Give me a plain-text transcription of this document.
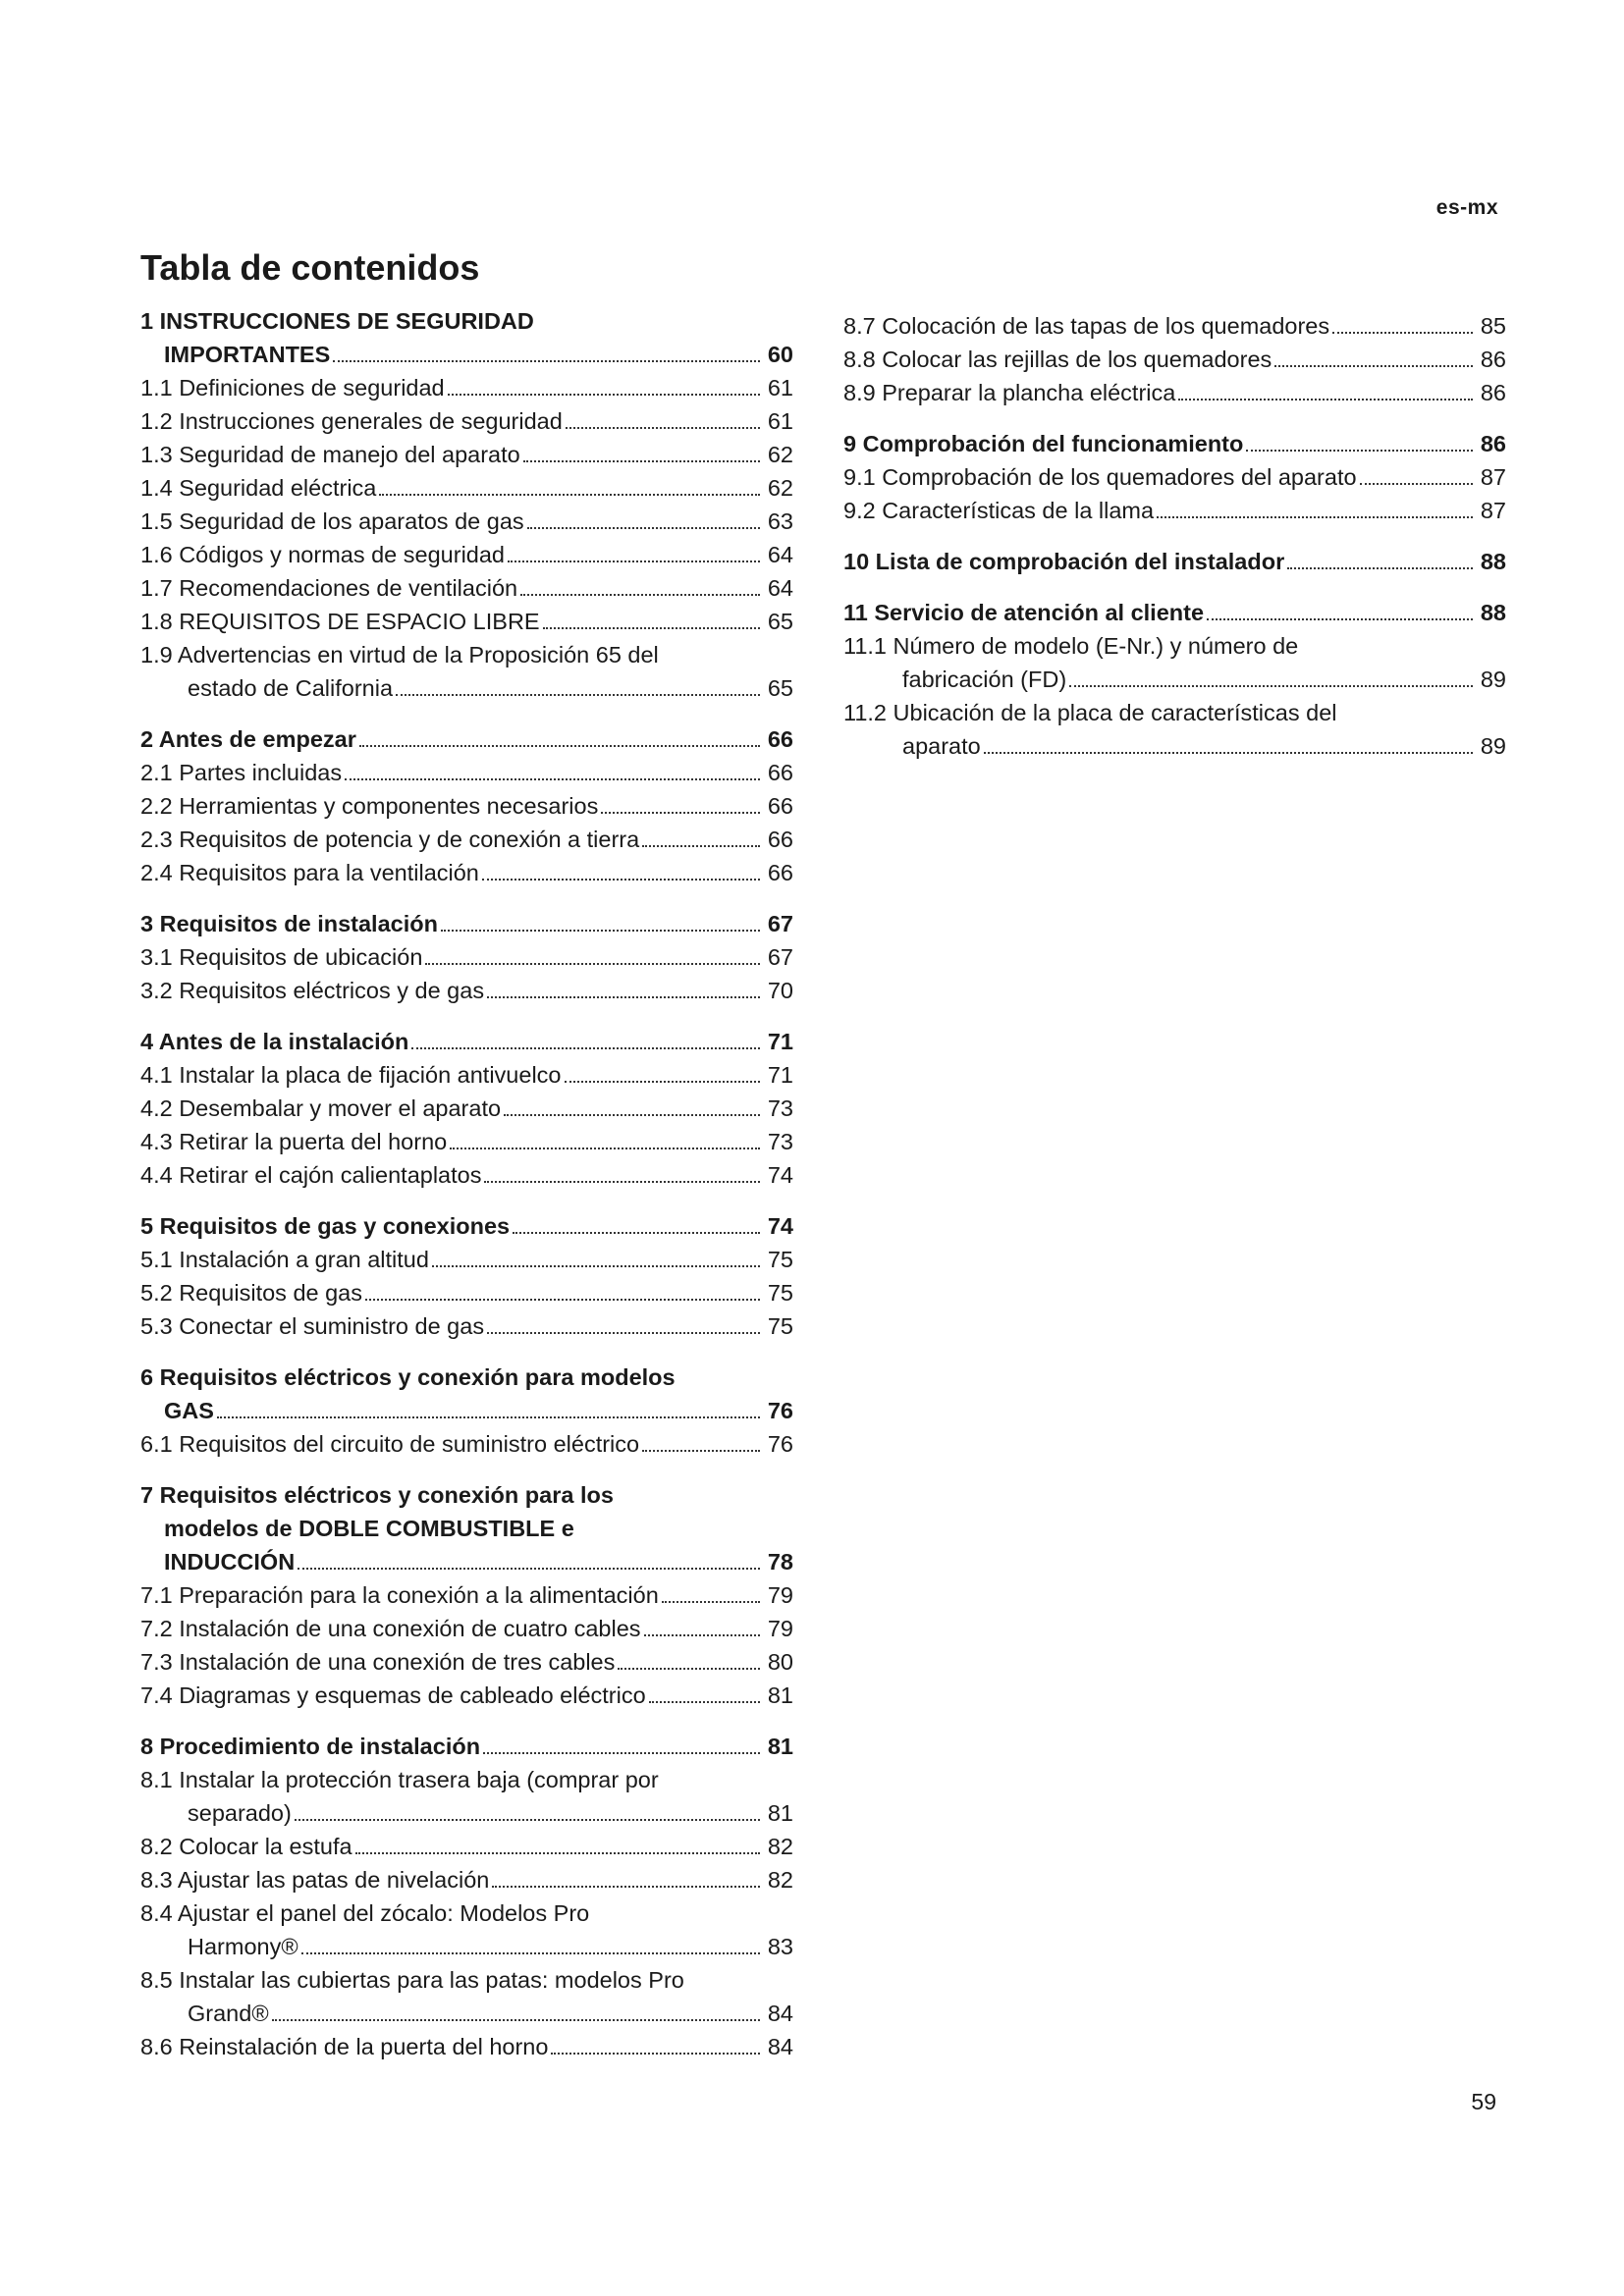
es-mx
Tabla de contenidos
1 INSTRUCCIONES DE SEGURIDAD
IMPORTANTES	60
1.1 Definiciones de seguridad	61
1.2 Instrucciones generales de seguridad	61
1.3 Seguridad de manejo del aparato	62
1.4 Seguridad eléctrica	62
1.5 Seguridad de los aparatos de gas	63
1.6 Códigos y normas de seguridad	64
1.7 Recomendaciones de ventilación	64
1.8 REQUISITOS DE ESPACIO LIBRE	65
1.9 Advertencias en virtud de la Proposición 65 del
estado de California	65
2 Antes de empezar	66
2.1 Partes incluidas	66
2.2 Herramientas y componentes necesarios	66
2.3 Requisitos de potencia y de conexión a tierra	66
2.4 Requisitos para la ventilación	66
3 Requisitos de instalación	67
3.1 Requisitos de ubicación	67
3.2 Requisitos eléctricos y de gas	70
4 Antes de la instalación	71
4.1 Instalar la placa de fijación antivuelco	71
4.2 Desembalar y mover el aparato	73
4.3 Retirar la puerta del horno	73
4.4 Retirar el cajón calientaplatos	74
5 Requisitos de gas y conexiones	74
5.1 Instalación a gran altitud	75
5.2 Requisitos de gas	75
5.3 Conectar el suministro de gas	75
6 Requisitos eléctricos y conexión para modelos
GAS	76
6.1 Requisitos del circuito de suministro eléctrico	76
7 Requisitos eléctricos y conexión para los
modelos de DOBLE COMBUSTIBLE e
INDUCCIÓN	78
7.1 Preparación para la conexión a la alimentación	79
7.2 Instalación de una conexión de cuatro cables	79
7.3 Instalación de una conexión de tres cables	80
7.4 Diagramas y esquemas de cableado eléctrico	81
8 Procedimiento de instalación	81
8.1 Instalar la protección trasera baja (comprar por
separado)	81
8.2 Colocar la estufa	82
8.3 Ajustar las patas de nivelación	82
8.4 Ajustar el panel del zócalo: Modelos Pro
Harmony®	83
8.5 Instalar las cubiertas para las patas: modelos Pro
Grand®	84
8.6 Reinstalación de la puerta del horno	84
8.7 Colocación de las tapas de los quemadores	85
8.8 Colocar las rejillas de los quemadores	86
8.9 Preparar la plancha eléctrica	86
9 Comprobación del funcionamiento	86
9.1 Comprobación de los quemadores del aparato	87
9.2 Características de la llama	87
10 Lista de comprobación del instalador	88
11 Servicio de atención al cliente	88
11.1 Número de modelo (E-Nr.) y número de
fabricación (FD)	89
11.2 Ubicación de la placa de características del
aparato	89
59
